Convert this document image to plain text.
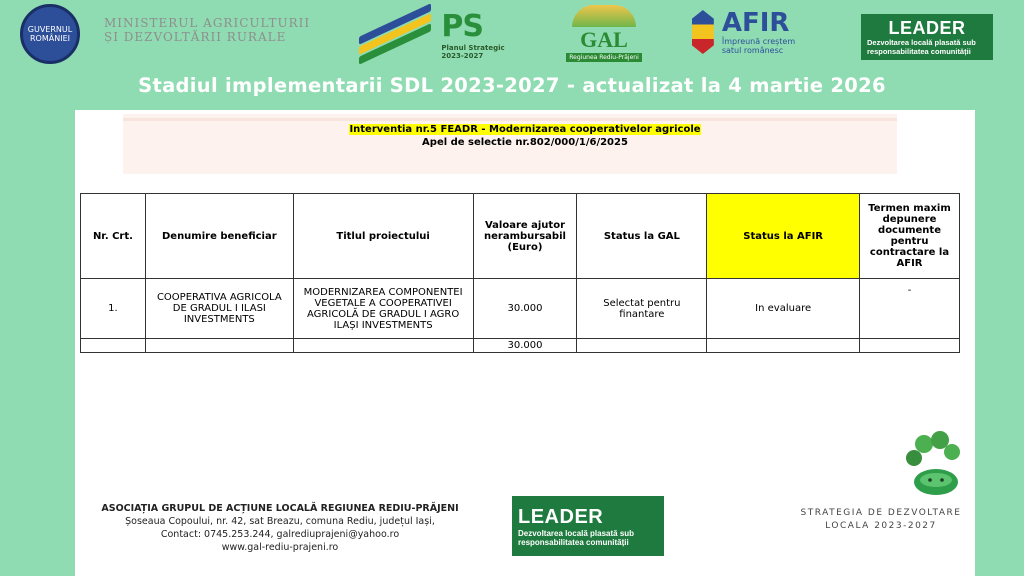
GUVERNUL ROMÂNIEI
MINISTERUL AGRICULTURII
ȘI DEZVOLTĂRII RURALE	PS
Planul Strategic
2023-2027
GAL
Regiunea Rediu-Prăjeni
AFIR
Împreună creștem
satul românesc
LEADER
Dezvoltarea locală plasată sub responsabilitatea comunității
Stadiul implementarii SDL 2023-2027 - actualizat la 4 martie 2026
Interventia nr.5 FEADR - Modernizarea cooperativelor agricole
Apel de selectie nr.802/000/1/6/2025
Nr. Crt.	Denumire beneficiar	Titlul proiectului	Valoare ajutor nerambursabil (Euro)	Status la GAL	Status la AFIR	Termen maxim depunere documente pentru contractare la AFIR
1.	COOPERATIVA AGRICOLA DE GRADUL I ILASI INVESTMENTS	MODERNIZAREA COMPONENTEI VEGETALE A COOPERATIVEI AGRICOLĂ DE GRADUL I AGRO ILAȘI INVESTMENTS	30.000	Selectat pentru finantare	In evaluare	-
			30.000			
ASOCIAȚIA GRUPUL DE ACȚIUNE LOCALĂ REGIUNEA REDIU-PRĂJENI
Șoseaua Copoului, nr. 42, sat Breazu, comuna Rediu, județul Iași,
Contact: 0745.253.244, galrediuprajeni@yahoo.ro
www.gal-rediu-prajeni.ro
LEADER
Dezvoltarea locală plasată sub responsabilitatea comunității
STRATEGIA DE DEZVOLTARE
LOCALA 2023-2027
